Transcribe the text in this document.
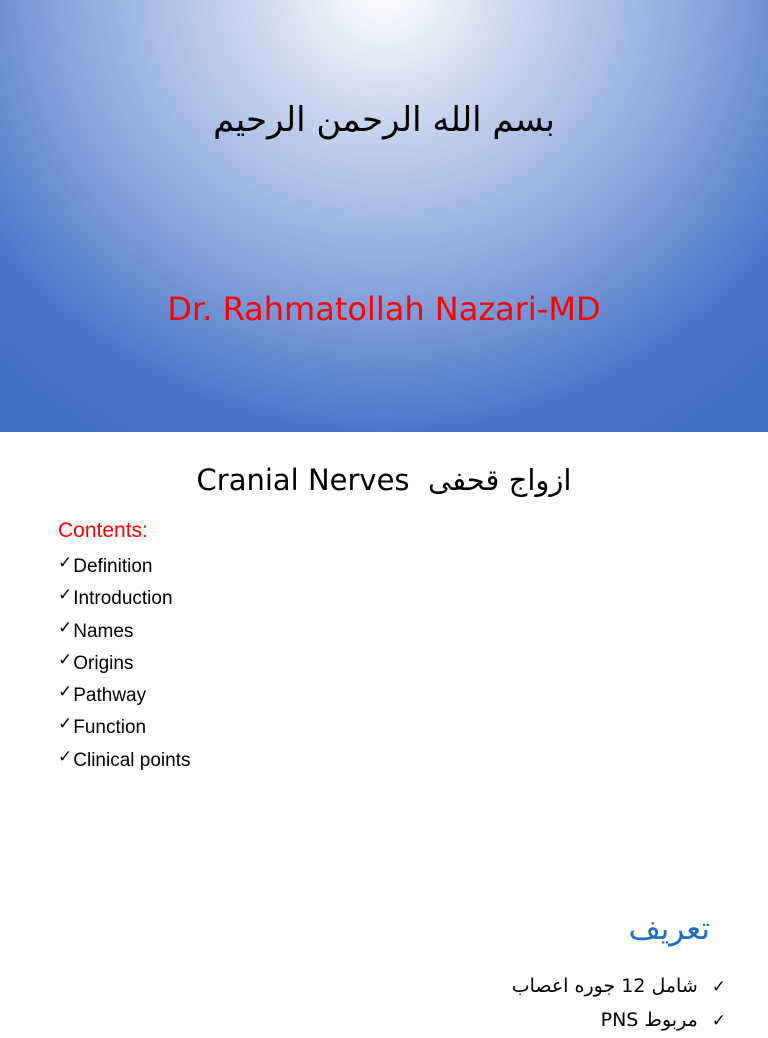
بسم الله الرحمن الرحيم
Dr. Rahmatollah Nazari-MD
Cranial Nerves  ازواج قحفی
Contents:
✓Definition
✓Introduction
✓Names
✓Origins
✓Pathway
✓Function
✓Clinical points
تعریف
✓شامل 12 جوره اعصاب
✓مربوط PNS
